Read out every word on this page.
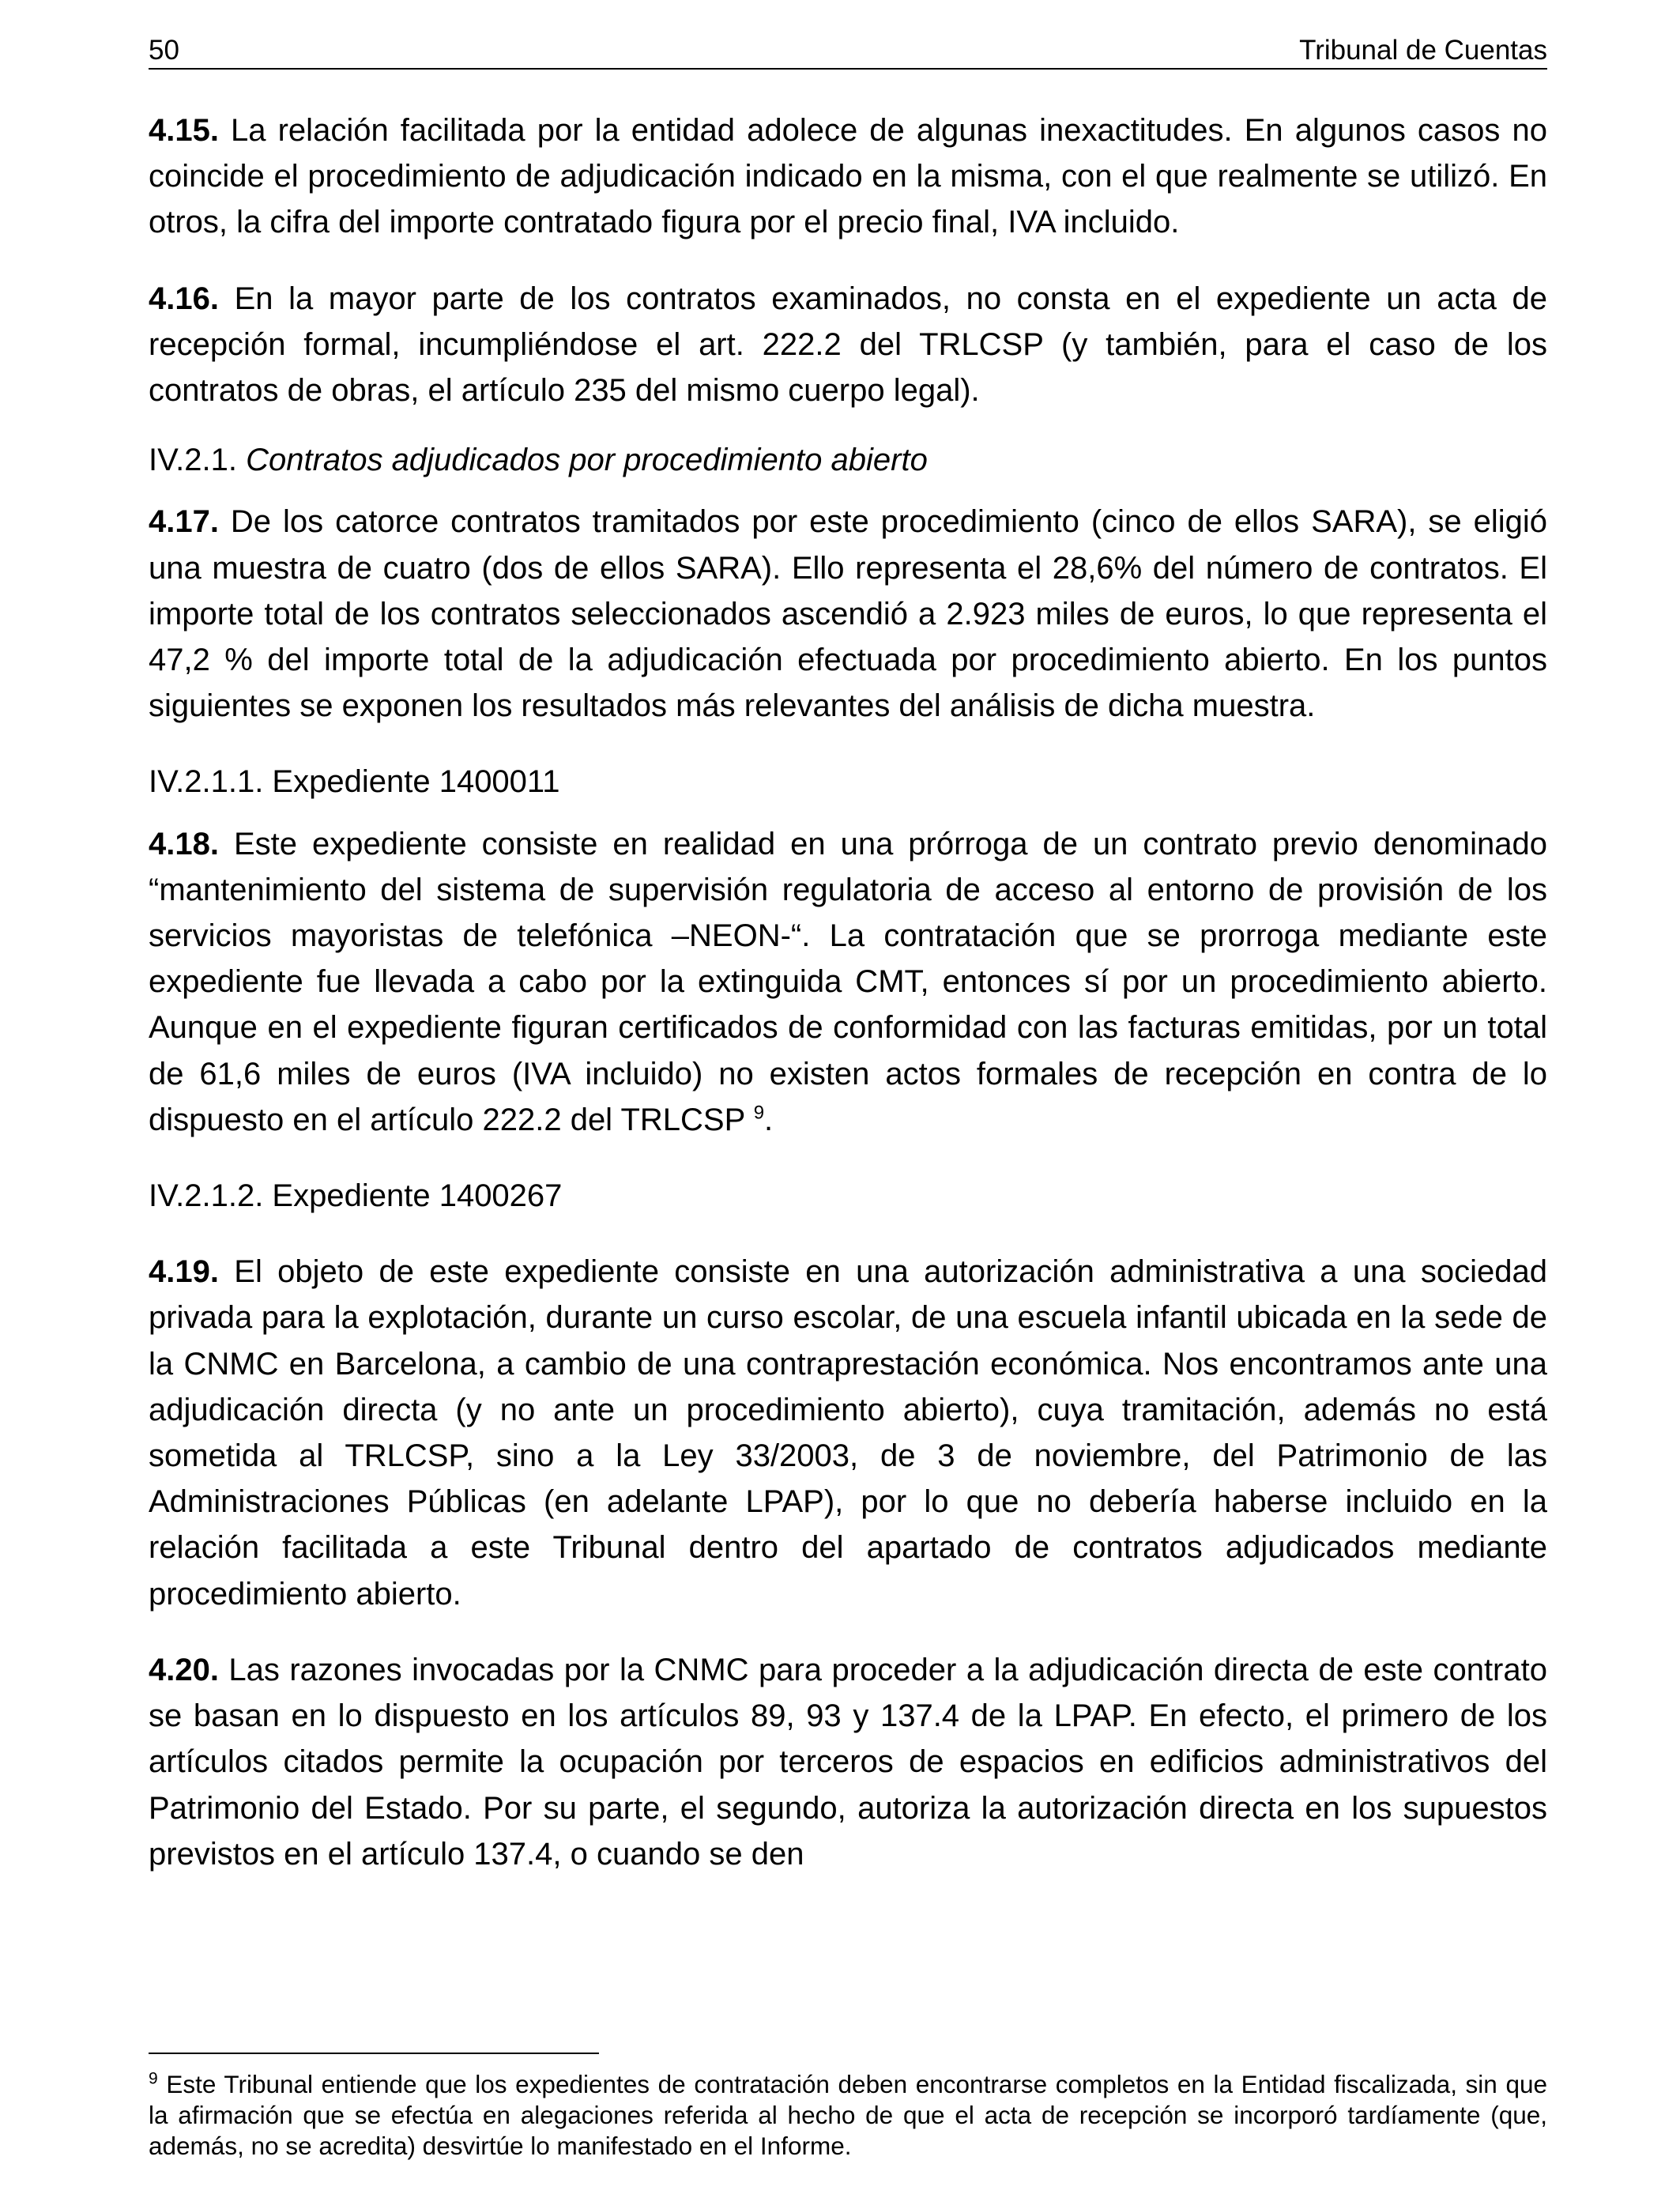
50	Tribunal de Cuentas

4.15. La relación facilitada por la entidad adolece de algunas inexactitudes. En algunos casos no coincide el procedimiento de adjudicación indicado en la misma, con el que realmente se utilizó. En otros, la cifra del importe contratado figura por el precio final, IVA incluido.

4.16. En la mayor parte de los contratos examinados, no consta en el expediente un acta de recepción formal, incumpliéndose el art. 222.2 del TRLCSP (y también, para el caso de los contratos de obras, el artículo 235 del mismo cuerpo legal).

IV.2.1. Contratos adjudicados por procedimiento abierto

4.17. De los catorce contratos tramitados por este procedimiento (cinco de ellos SARA), se eligió una muestra de cuatro (dos de ellos SARA). Ello representa el 28,6% del número de contratos. El importe total de los contratos seleccionados ascendió a 2.923 miles de euros, lo que representa el 47,2 % del importe total de la adjudicación efectuada por procedimiento abierto. En los puntos siguientes se exponen los resultados más relevantes del análisis de dicha muestra.

IV.2.1.1. Expediente 1400011

4.18. Este expediente consiste en realidad en una prórroga de un contrato previo denominado “mantenimiento del sistema de supervisión regulatoria de acceso al entorno de provisión de los servicios mayoristas de telefónica –NEON-“. La contratación que se prorroga mediante este expediente fue llevada a cabo por la extinguida CMT, entonces sí por un procedimiento abierto. Aunque en el expediente figuran certificados de conformidad con las facturas emitidas, por un total de 61,6 miles de euros (IVA incluido) no existen actos formales de recepción en contra de lo dispuesto en el artículo 222.2 del TRLCSP $^9$.

IV.2.1.2. Expediente 1400267

4.19. El objeto de este expediente consiste en una autorización administrativa a una sociedad privada para la explotación, durante un curso escolar, de una escuela infantil ubicada en la sede de la CNMC en Barcelona, a cambio de una contraprestación económica. Nos encontramos ante una adjudicación directa (y no ante un procedimiento abierto), cuya tramitación, además no está sometida al TRLCSP, sino a la Ley 33/2003, de 3 de noviembre, del Patrimonio de las Administraciones Públicas (en adelante LPAP), por lo que no debería haberse incluido en la relación facilitada a este Tribunal dentro del apartado de contratos adjudicados mediante procedimiento abierto.

4.20. Las razones invocadas por la CNMC para proceder a la adjudicación directa de este contrato se basan en lo dispuesto en los artículos 89, 93 y 137.4 de la LPAP. En efecto, el primero de los artículos citados permite la ocupación por terceros de espacios en edificios administrativos del Patrimonio del Estado. Por su parte, el segundo, autoriza la autorización directa en los supuestos previstos en el artículo 137.4, o cuando se den

$^9$ Este Tribunal entiende que los expedientes de contratación deben encontrarse completos en la Entidad fiscalizada, sin que la afirmación que se efectúa en alegaciones referida al hecho de que el acta de recepción se incorporó tardíamente (que, además, no se acredita) desvirtúe lo manifestado en el Informe.
